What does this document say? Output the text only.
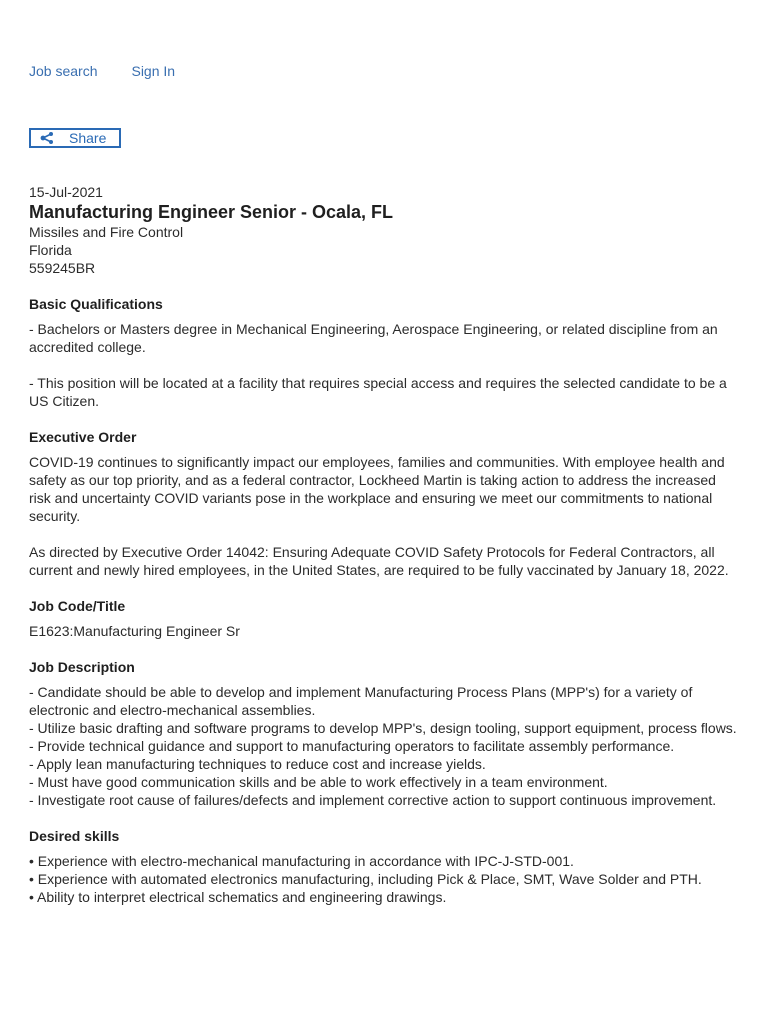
Job search Sign In
Share
15-Jul-2021
Manufacturing Engineer Senior - Ocala, FL
Missiles and Fire Control
Florida
559245BR
Basic Qualifications

- Bachelors or Masters degree in Mechanical Engineering, Aerospace Engineering, or related discipline from an accredited college.

- This position will be located at a facility that requires special access and requires the selected candidate to be a US Citizen.

Executive Order

COVID-19 continues to significantly impact our employees, families and communities. With employee health and safety as our top priority, and as a federal contractor, Lockheed Martin is taking action to address the increased risk and uncertainty COVID variants pose in the workplace and ensuring we meet our commitments to national security.

As directed by Executive Order 14042: Ensuring Adequate COVID Safety Protocols for Federal Contractors, all current and newly hired employees, in the United States, are required to be fully vaccinated by January 18, 2022.

Job Code/Title

E1623:Manufacturing Engineer Sr

Job Description
- Candidate should be able to develop and implement Manufacturing Process Plans (MPP's) for a variety of electronic and electro-mechanical assemblies.
- Utilize basic drafting and software programs to develop MPP's, design tooling, support equipment, process flows.
- Provide technical guidance and support to manufacturing operators to facilitate assembly performance.
- Apply lean manufacturing techniques to reduce cost and increase yields.
- Must have good communication skills and be able to work effectively in a team environment.
- Investigate root cause of failures/defects and implement corrective action to support continuous improvement.
Desired skills
• Experience with electro-mechanical manufacturing in accordance with IPC-J-STD-001.
• Experience with automated electronics manufacturing, including Pick & Place, SMT, Wave Solder and PTH.
• Ability to interpret electrical schematics and engineering drawings.
